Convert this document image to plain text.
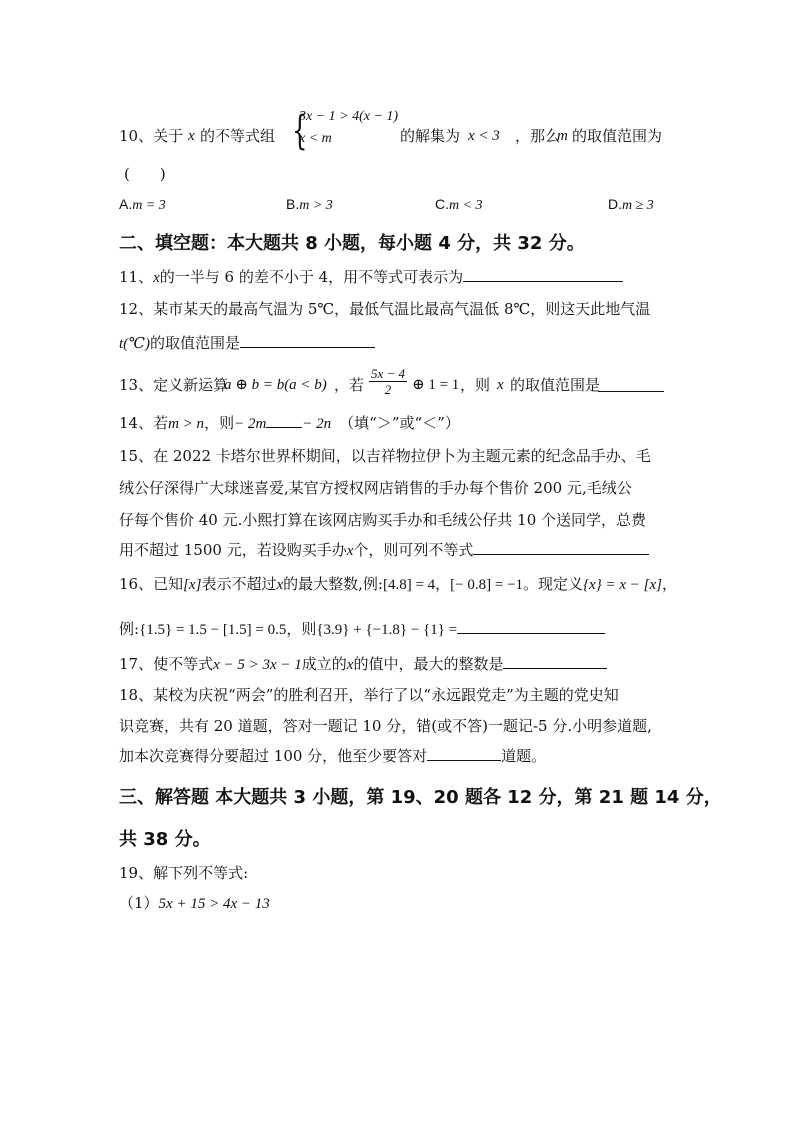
10、关于 x 的不等式组 {
3x − 1 > 4(x − 1)
x < m	的解集为 x < 3 ，那么
m 的取值范围为
(　　)
A.m = 3	B.m > 3	C.m < 3	D.m ≥ 3
二、填空题：本大题共 8 小题，每小题 4 分，共 32 分。
11、x的一半与 6 的差不小于 4，用不等式可表示为
12、某市某天的最高气温为 5℃，最低气温比最高气温低 8℃，则这天此地气温
t(℃)的取值范围是
13、定义新运算
a ⊕ b = b(a < b) ，若 $\frac{5x - 4}{2}$ ⊕ 1 = 1 ，则 x 的取值范围是
14、若m > n，则− 2m − 2n （填“＞”或“＜”）
15、在 2022 卡塔尔世界杯期间，以吉祥物拉伊卜为主题元素的纪念品手办、毛
绒公仔深得广大球迷喜爱,某官方授权网店销售的手办每个售价 200 元,毛绒公
仔每个售价 40 元.小熙打算在该网店购买手办和毛绒公仔共 10 个送同学，总费
用不超过 1500 元，若设购买手办x个，则可列不等式
16、已知[x]表示不超过x的最大整数,例:[4.8] = 4，[− 0.8] = −1。现定义{x} = x − [x]，
例:{1.5} = 1.5 − [1.5] = 0.5，则{3.9} + {−1.8} − {1} =
17、使不等式x − 5 > 3x − 1成立的x的值中，最大的整数是
18、某校为庆祝“两会”的胜利召开，举行了以“永远跟党走”为主题的党史知
识竞赛，共有 20 道题，答对一题记 10 分，错(或不答)一题记-5 分.小明参道题,
加本次竞赛得分要超过 100 分，他至少要答对	道题。
三、解答题 本大题共 3 小题，第 19、20 题各 12 分，第 21 题 14 分，
共 38 分。
19、解下列不等式:
（1）5x + 15 > 4x − 13
